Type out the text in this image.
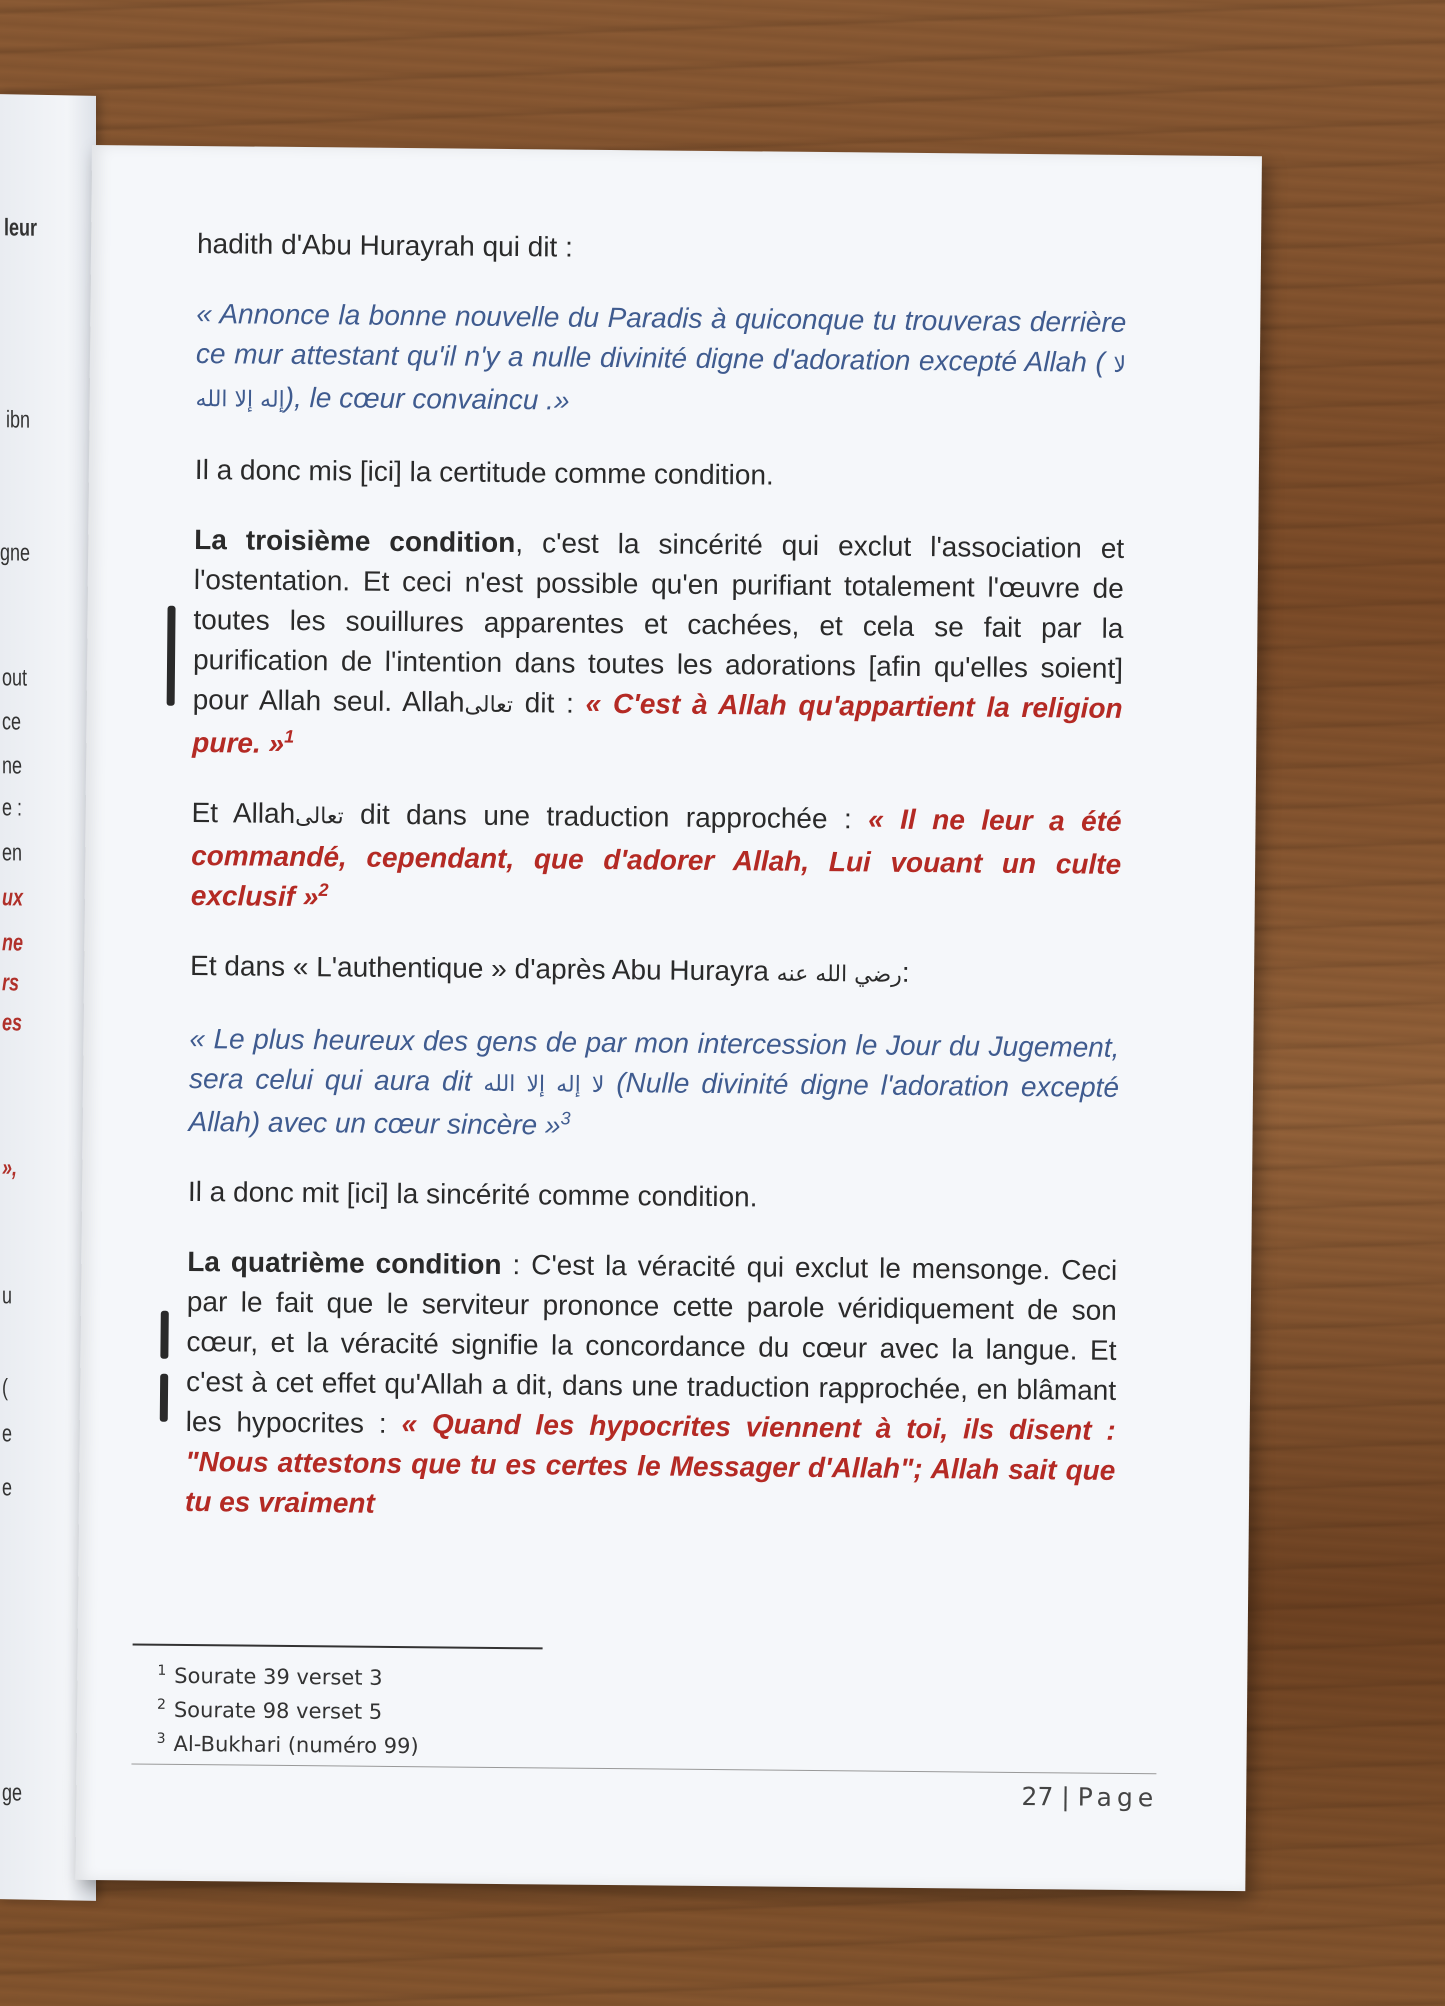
leur
ibn
gne
out
ce
ne
e :
en
ux
ne
rs
es
»,
u
(
e
e
ge

hadith d'Abu Hurayrah qui dit :

« Annonce la bonne nouvelle du Paradis à quiconque tu trouveras derrière ce mur attestant qu'il n'y a nulle divinité digne d'adoration excepté Allah ( لا إله إلا الله), le cœur convaincu .»

Il a donc mis [ici] la certitude comme condition.

La troisième condition, c'est la sincérité qui exclut l'association et l'ostentation. Et ceci n'est possible qu'en purifiant totalement l'œuvre de toutes les souillures apparentes et cachées, et cela se fait par la purification de l'intention dans toutes les adorations [afin qu'elles soient] pour Allah seul. Allahتعالى dit : « C'est à Allah qu'appartient la religion pure. »$^1$

Et Allahتعالى dit dans une traduction rapprochée : « Il ne leur a été commandé, cependant, que d'adorer Allah, Lui vouant un culte exclusif »$^2$

Et dans « L'authentique » d'après Abu Hurayra رضي الله عنه:

« Le plus heureux des gens de par mon intercession le Jour du Jugement, sera celui qui aura dit لا إله إلا الله (Nulle divinité digne l'adoration excepté Allah) avec un cœur sincère »$^3$

Il a donc mit [ici] la sincérité comme condition.

La quatrième condition : C'est la véracité qui exclut le mensonge. Ceci par le fait que le serviteur prononce cette parole véridiquement de son cœur, et la véracité signifie la concordance du cœur avec la langue. Et c'est à cet effet qu'Allah a dit, dans une traduction rapprochée, en blâmant les hypocrites : « Quand les hypocrites viennent à toi, ils disent : "Nous attestons que tu es certes le Messager d'Allah"; Allah sait que tu es vraiment

$^1$ Sourate 39 verset 3
$^2$ Sourate 98 verset 5
$^3$ Al-Bukhari (numéro 99)
27 | Page
